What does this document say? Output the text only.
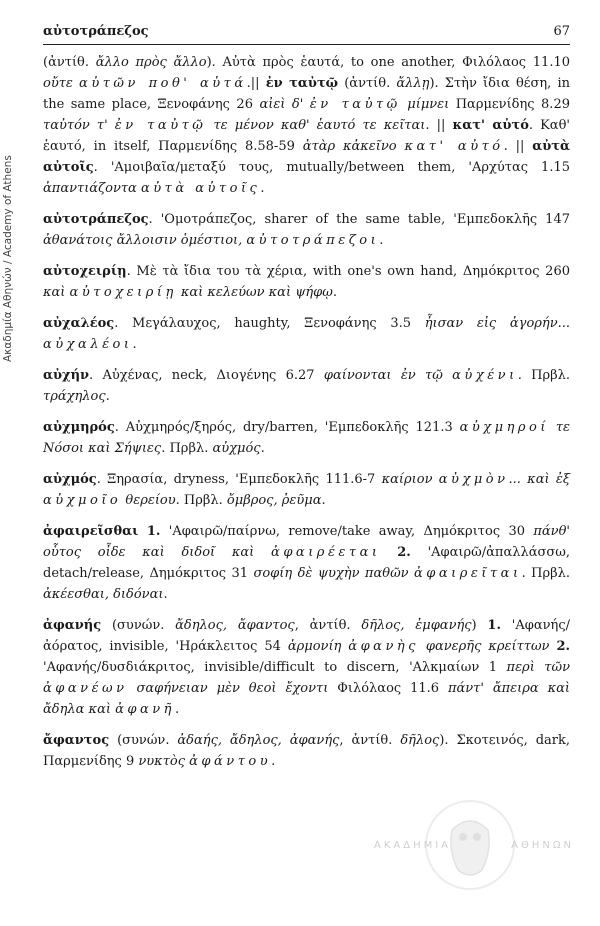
Ακαδημία Αθηνών / Academy of Athens
αὐτοτράπεζος	67

(ἀντίθ. ἄλλο πρὸς ἄλλο). Αὐτὰ πρὸς ἑαυτά, to one another, Φιλόλαος 11.10 οὔτε αὐτῶν ποθ' αὐτά.|| ἐν ταὐτῷ (ἀντίθ. ἄλλῃ). Στὴν ἴδια θέση, in the same place, Ξενοφάνης 26 αἰεὶ δ' ἐν ταὐτῷ μίμνει Παρμενίδης 8.29 ταὐτόν τ' ἐν ταὐτῷ τε μένον καθ' ἑαυτό τε κεῖται. || κατ' αὐτό. Καθ' ἑαυτό, in itself, Παρμενίδης 8.58-59 ἀτὰρ κἀκεῖνο κατ' αὐτό. || αὐτὰ αὐτοῖς. 'Αμοιβαῖα/μεταξύ τους, mutually/between them, 'Αρχύτας 1.15 ἀπαντιάζοντα αὐτὰ αὐτοῖς.

αὐτοτράπεζος. 'Ομοτράπεζος, sharer of the same table, 'Εμπεδοκλῆς 147 ἀθανάτοις ἄλλοισιν ὁμέστιοι, αὐτοτράπεζοι.

αὐτοχειρίῃ. Μὲ τὰ ἴδια του τὰ χέρια, with one's own hand, Δημόκριτος 260 καὶ αὐτοχειρίῃ καὶ κελεύων καὶ ψήφῳ.

αὐχαλέος. Μεγάλαυχος, haughty, Ξενοφάνης 3.5 ἦισαν εἰς ἀγορήν... αὐχαλέοι.

αὐχήν. Αὐχένας, neck, Διογένης 6.27 φαίνονται ἐν τῷ αὐχένι. Πρβλ. τράχηλος.

αὐχμηρός. Αὐχμηρός/ξηρός, dry/barren, 'Εμπεδοκλῆς 121.3 αὐχμηροί τε Νόσοι καὶ Σήψιες. Πρβλ. αὐχμός.

αὐχμός. Ξηρασία, dryness, 'Εμπεδοκλῆς 111.6-7 καίριον αὐχμὸν... καὶ ἐξ αὐχμοῖο θερείου. Πρβλ. ὄμβρος, ῥεῦμα.

ἀφαιρεῖσθαι 1. 'Αφαιρῶ/παίρνω, remove/take away, Δημόκριτος 30 πάνθ' οὗτος οἶδε καὶ διδοῖ καὶ ἀφαιρέεται 2. 'Αφαιρῶ/ἀπαλλάσσω, detach/release, Δημόκριτος 31 σοφίη δὲ ψυχὴν παθῶν ἀφαιρεῖται. Πρβλ. ἀκέεσθαι, διδόναι.

ἀφανής (συνών. ἄδηλος, ἄφαντος, ἀντίθ. δῆλος, ἐμφανής) 1. 'Αφανής/ἀόρατος, invisible, 'Ηράκλειτος 54 ἁρμονίη ἀφανὴς φανερῆς κρείττων 2. 'Αφανής/δυσδιάκριτος, invisible/difficult to discern, 'Αλκμαίων 1 περὶ τῶν ἀφανέων σαφήνειαν μὲν θεοὶ ἔχοντι Φιλόλαος 11.6 πάντ' ἄπειρα καὶ ἄδηλα καὶ ἀφανῆ.

ἄφαντος (συνών. ἀδαής, ἄδηλος, ἀφανής, ἀντίθ. δῆλος). Σκοτεινός, dark, Παρμενίδης 9 νυκτὸς ἀφάντου.

ΑΚΑΔΗΜΙΑ	ΑΘΗΝΩΝ
